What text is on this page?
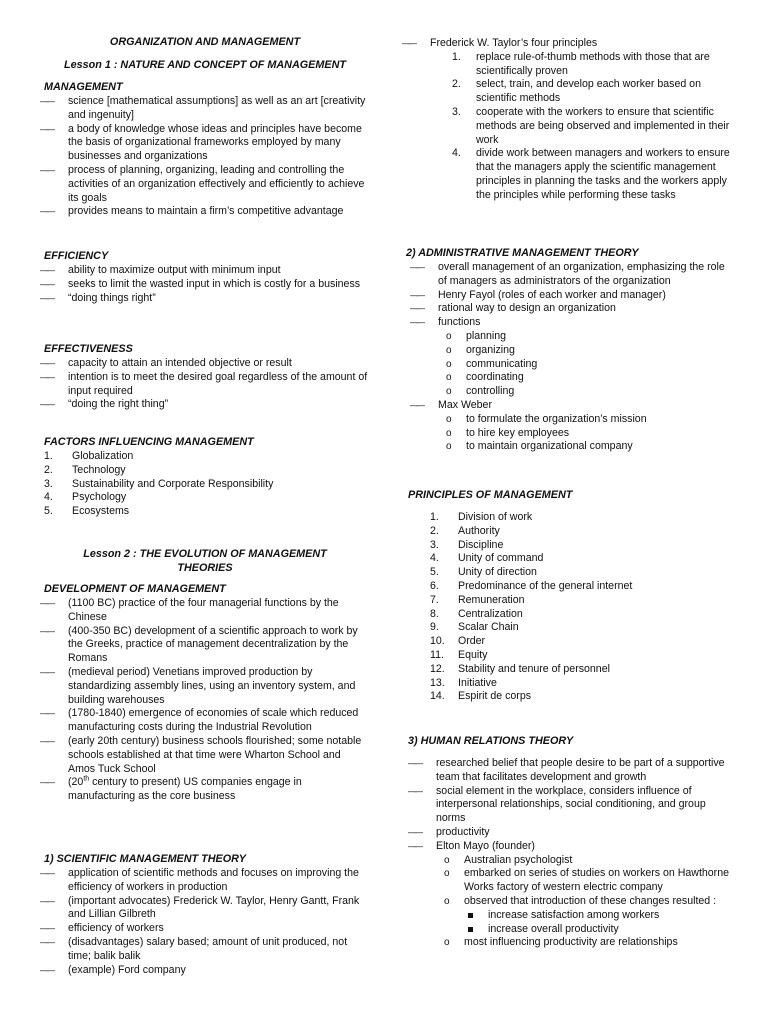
ORGANIZATION AND MANAGEMENT

Lesson 1 : NATURE AND CONCEPT OF MANAGEMENT

MANAGEMENT

—— science [mathematical assumptions] as well as an art [creativity and ingenuity]
—— a body of knowledge whose ideas and principles have become the basis of organizational frameworks employed by many businesses and organizations
—— process of planning, organizing, leading and controlling the activities of an organization effectively and efficiently to achieve its goals
—— provides means to maintain a firm’s competitive advantage

EFFICIENCY

—— ability to maximize output with minimum input
—— seeks to limit the wasted input in which is costly for a business
—— “doing things right”

EFFECTIVENESS

—— capacity to attain an intended objective or result
—— intention is to meet the desired goal regardless of the amount of input required
—— “doing the right thing”

FACTORS INFLUENCING MANAGEMENT

1. Globalization
2. Technology
3. Sustainability and Corporate Responsibility
4. Psychology
5. Ecosystems

Lesson 2 : THE EVOLUTION OF MANAGEMENT
THEORIES

DEVELOPMENT OF MANAGEMENT

—— (1100 BC) practice of the four managerial functions by the Chinese
—— (400-350 BC) development of a scientific approach to work by the Greeks, practice of management decentralization by the Romans
—— (medieval period) Venetians improved production by standardizing assembly lines, using an inventory system, and building warehouses
—— (1780-1840) emergence of economies of scale which reduced manufacturing costs during the Industrial Revolution
—— (early 20th century) business schools flourished; some notable schools established at that time were Wharton School and Amos Tuck School
—— (20th century to present) US companies engage in manufacturing as the core business

1) SCIENTIFIC MANAGEMENT THEORY

—— application of scientific methods and focuses on improving the efficiency of workers in production
—— (important advocates) Frederick W. Taylor, Henry Gantt, Frank and Lillian Gilbreth
—— efficiency of workers
—— (disadvantages) salary based; amount of unit produced, not time; balik balik
—— (example) Ford company
—— Frederick W. Taylor’s four principles
1. replace rule-of-thumb methods with those that are scientifically proven
2. select, train, and develop each worker based on scientific methods
3. cooperate with the workers to ensure that scientific methods are being observed and implemented in their work
4. divide work between managers and workers to ensure that the managers apply the scientific management principles in planning the tasks and the workers apply the principles while performing these tasks

2) ADMINISTRATIVE MANAGEMENT THEORY

—— overall management of an organization, emphasizing the role of managers as administrators of the organization
—— Henry Fayol (roles of each worker and manager)
—— rational way to design an organization
—— functions
o planning
o organizing
o communicating
o coordinating
o controlling
—— Max Weber
o to formulate the organization’s mission
o to hire key employees
o to maintain organizational company

PRINCIPLES OF MANAGEMENT

1. Division of work
2. Authority
3. Discipline
4. Unity of command
5. Unity of direction
6. Predominance of the general internet
7. Remuneration
8. Centralization
9. Scalar Chain
10. Order
11. Equity
12. Stability and tenure of personnel
13. Initiative
14. Espirit de corps

3) HUMAN RELATIONS THEORY

—— researched belief that people desire to be part of a supportive team that facilitates development and growth
—— social element in the workplace, considers influence of interpersonal relationships, social conditioning, and group norms
—— productivity
—— Elton Mayo (founder)
o Australian psychologist
o embarked on series of studies on workers on Hawthorne Works factory of western electric company
o observed that introduction of these changes resulted :
increase satisfaction among workers
increase overall productivity
o most influencing productivity are relationships
